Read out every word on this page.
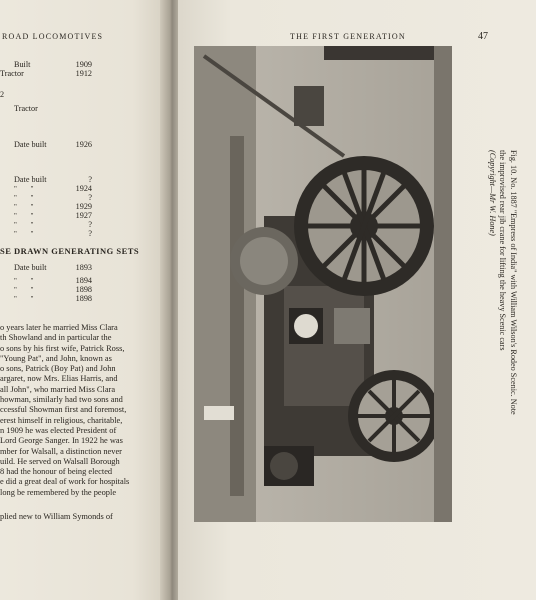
ROAD LOCOMOTIVES
Built	1909
Tractor	1912
2
Tractor
Date built	1926
Date built	?
" "	1924
" "	?
" "	1929
" "	1927
" "	?
" "	?
SE DRAWN GENERATING SETS
Date built	1893
" "	1894
" "	1898
" "	1898
o years later he married Miss Clara
th Showland and in particular the
o sons by his first wife, Patrick Ross,
"Young Pat", and John, known as
o sons, Patrick (Boy Pat) and John
argaret, now Mrs. Elias Harris, and
all John", who married Miss Clara
howman, similarly had two sons and
ccessful Showman first and foremost,
erest himself in religious, charitable,
n 1909 he was elected President of
Lord George Sanger. In 1922 he was
mber for Walsall, a distinction never
uild. He served on Walsall Borough
8 had the honour of being elected
e did a great deal of work for hospitals
long be remembered by the people
plied new to William Symonds of
THE FIRST GENERATION	47
Fig. 10. No. 1887 "Empress of India" with William Wilson's Rodeo Scenic. Note
the improvised rear jib crane for lifting the heavy Scenic cars
(Copyright—Mr W. Hone)
